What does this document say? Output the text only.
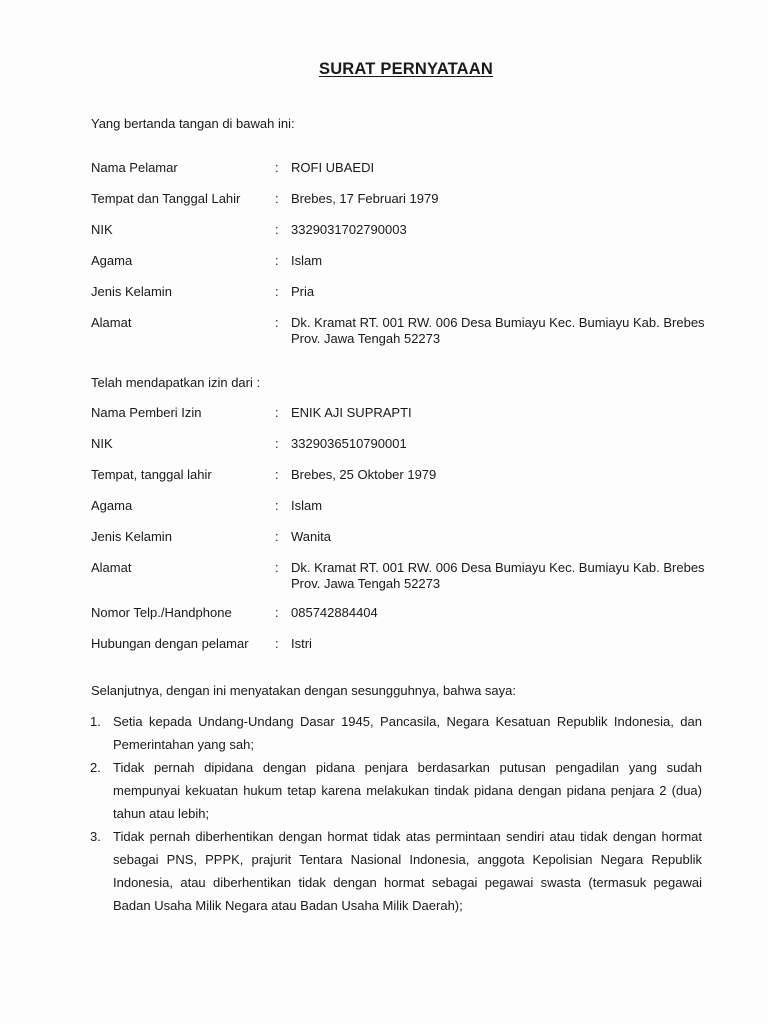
SURAT PERNYATAAN
Yang bertanda tangan di bawah ini:
Nama Pelamar	: ROFI UBAEDI
Tempat dan Tanggal Lahir	: Brebes, 17 Februari 1979
NIK	: 3329031702790003
Agama	: Islam
Jenis Kelamin	: Pria
Alamat	: Dk. Kramat RT. 001 RW. 006 Desa Bumiayu Kec. Bumiayu Kab. Brebes Prov. Jawa Tengah 52273
Telah mendapatkan izin dari :
Nama Pemberi Izin	: ENIK AJI SUPRAPTI
NIK	: 3329036510790001
Tempat, tanggal lahir	: Brebes, 25 Oktober 1979
Agama	: Islam
Jenis Kelamin	: Wanita
Alamat	: Dk. Kramat RT. 001 RW. 006 Desa Bumiayu Kec. Bumiayu Kab. Brebes Prov. Jawa Tengah 52273
Nomor Telp./Handphone	: 085742884404
Hubungan dengan pelamar : Istri
Selanjutnya, dengan ini menyatakan dengan sesungguhnya, bahwa saya:
1. Setia kepada Undang-Undang Dasar 1945, Pancasila, Negara Kesatuan Republik Indonesia, dan Pemerintahan yang sah;
2. Tidak pernah dipidana dengan pidana penjara berdasarkan putusan pengadilan yang sudah mempunyai kekuatan hukum tetap karena melakukan tindak pidana dengan pidana penjara 2 (dua) tahun atau lebih;
3. Tidak pernah diberhentikan dengan hormat tidak atas permintaan sendiri atau tidak dengan hormat sebagai PNS, PPPK, prajurit Tentara Nasional Indonesia, anggota Kepolisian Negara Republik Indonesia, atau diberhentikan tidak dengan hormat sebagai pegawai swasta (termasuk pegawai Badan Usaha Milik Negara atau Badan Usaha Milik Daerah);
